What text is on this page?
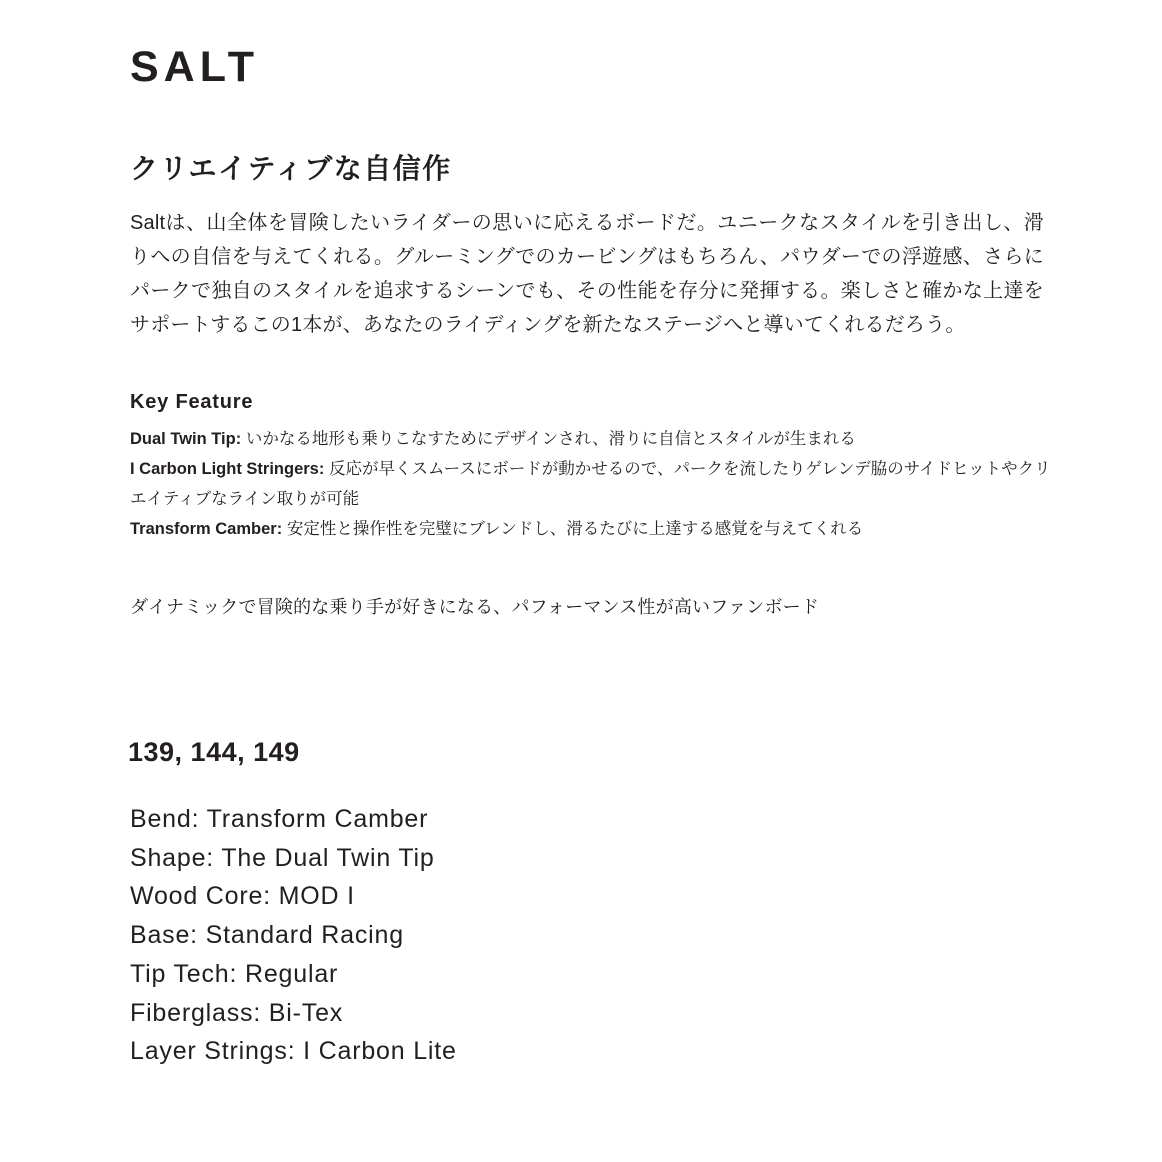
SALT
クリエイティブな自信作

Saltは、山全体を冒険したいライダーの思いに応えるボードだ。ユニークなスタイルを引き出し、滑りへの自信を与えてくれる。グルーミングでのカービングはもちろん、パウダーでの浮遊感、さらにパークで独自のスタイルを追求するシーンでも、その性能を存分に発揮する。楽しさと確かな上達をサポートするこの1本が、あなたのライディングを新たなステージへと導いてくれるだろう。

Key Feature
Dual Twin Tip: いかなる地形も乗りこなすためにデザインされ、滑りに自信とスタイルが生まれる
I Carbon Light Stringers: 反応が早くスムースにボードが動かせるので、パークを流したりゲレンデ脇のサイドヒットやクリエイティブなライン取りが可能
Transform Camber: 安定性と操作性を完璧にブレンドし、滑るたびに上達する感覚を与えてくれる

ダイナミックで冒険的な乗り手が好きになる、パフォーマンス性が高いファンボード

139, 144, 149
Bend: Transform Camber
Shape: The Dual Twin Tip
Wood Core: MOD I
Base: Standard Racing
Tip Tech: Regular
Fiberglass: Bi-Tex
Layer Strings: I Carbon Lite
